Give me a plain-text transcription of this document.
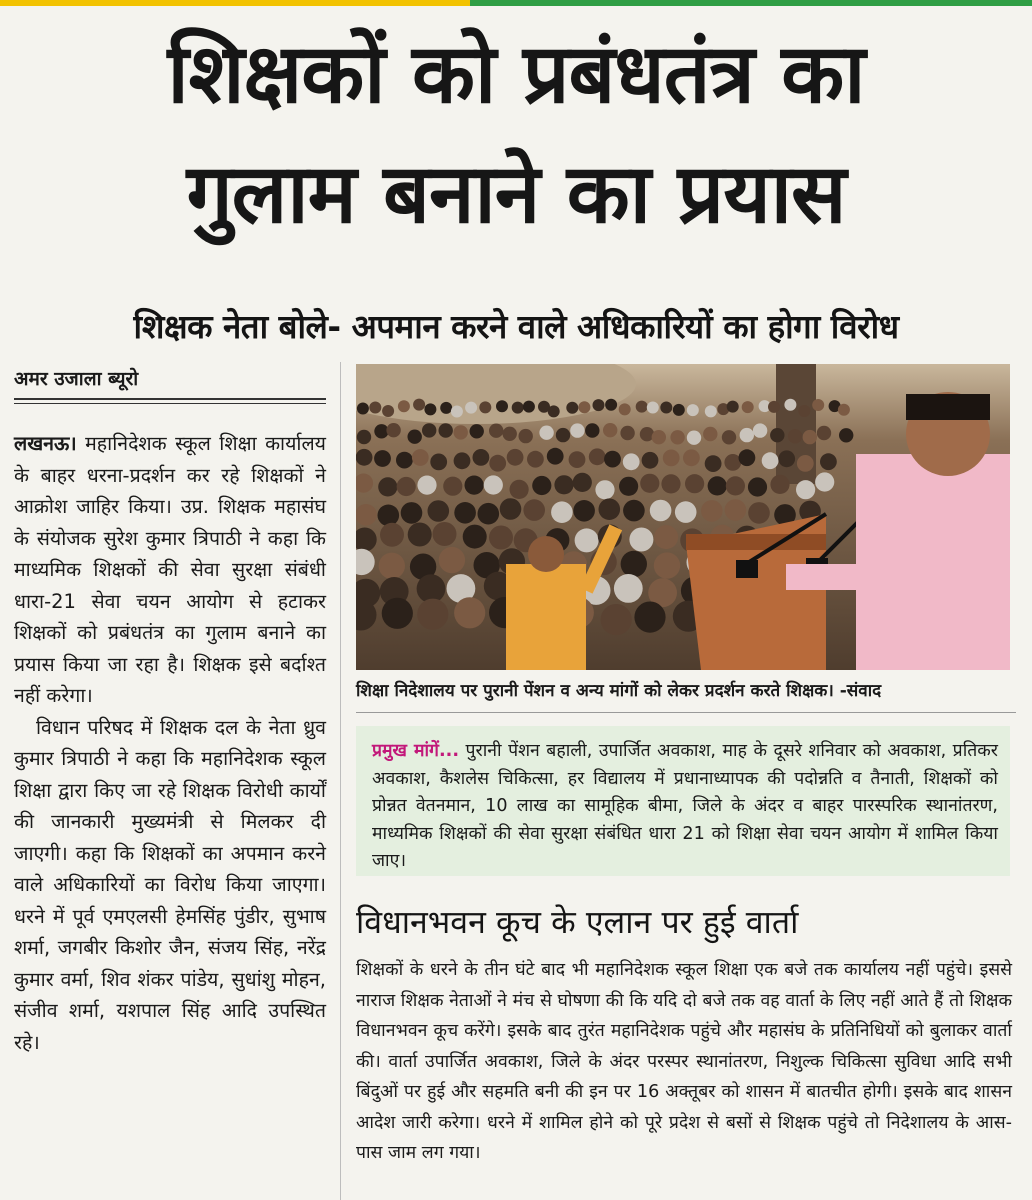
शिक्षकों को प्रबंधतंत्र का
गुलाम बनाने का प्रयास
शिक्षक नेता बोले- अपमान करने वाले अधिकारियों का होगा विरोध
अमर उजाला ब्यूरो

लखनऊ। महानिदेशक स्कूल शिक्षा कार्यालय के बाहर धरना-प्रदर्शन कर रहे शिक्षकों ने आक्रोश जाहिर किया। उप्र. शिक्षक महासंघ के संयोजक सुरेश कुमार त्रिपाठी ने कहा कि माध्यमिक शिक्षकों की सेवा सुरक्षा संबंधी धारा-21 सेवा चयन आयोग से हटाकर शिक्षकों को प्रबंधतंत्र का गुलाम बनाने का प्रयास किया जा रहा है। शिक्षक इसे बर्दाश्त नहीं करेगा।

विधान परिषद में शिक्षक दल के नेता ध्रुव कुमार त्रिपाठी ने कहा कि महानिदेशक स्कूल शिक्षा द्वारा किए जा रहे शिक्षक विरोधी कार्यों की जानकारी मुख्यमंत्री से मिलकर दी जाएगी। कहा कि शिक्षकों का अपमान करने वाले अधिकारियों का विरोध किया जाएगा। धरने में पूर्व एमएलसी हेमसिंह पुंडीर, सुभाष शर्मा, जगबीर किशोर जैन, संजय सिंह, नरेंद्र कुमार वर्मा, शिव शंकर पांडेय, सुधांशु मोहन, संजीव शर्मा, यशपाल सिंह आदि उपस्थित रहे।

शिक्षा निदेशालय पर पुरानी पेंशन व अन्य मांगों को लेकर प्रदर्शन करते शिक्षक। -संवाद
प्रमुख मांगें... पुरानी पेंशन बहाली, उपार्जित अवकाश, माह के दूसरे शनिवार को अवकाश, प्रतिकर अवकाश, कैशलेस चिकित्सा, हर विद्यालय में प्रधानाध्यापक की पदोन्नति व तैनाती, शिक्षकों को प्रोन्नत वेतनमान, 10 लाख का सामूहिक बीमा, जिले के अंदर व बाहर पारस्परिक स्थानांतरण, माध्यमिक शिक्षकों की सेवा सुरक्षा संबंधित धारा 21 को शिक्षा सेवा चयन आयोग में शामिल किया जाए।
विधानभवन कूच के एलान पर हुई वार्ता

शिक्षकों के धरने के तीन घंटे बाद भी महानिदेशक स्कूल शिक्षा एक बजे तक कार्यालय नहीं पहुंचे। इससे नाराज शिक्षक नेताओं ने मंच से घोषणा की कि यदि दो बजे तक वह वार्ता के लिए नहीं आते हैं तो शिक्षक विधानभवन कूच करेंगे। इसके बाद तुरंत महानिदेशक पहुंचे और महासंघ के प्रतिनिधियों को बुलाकर वार्ता की। वार्ता उपार्जित अवकाश, जिले के अंदर परस्पर स्थानांतरण, निशुल्क चिकित्सा सुविधा आदि सभी बिंदुओं पर हुई और सहमति बनी की इन पर 16 अक्तूबर को शासन में बातचीत होगी। इसके बाद शासन आदेश जारी करेगा। धरने में शामिल होने को पूरे प्रदेश से बसों से शिक्षक पहुंचे तो निदेशालय के आस-पास जाम लग गया।
